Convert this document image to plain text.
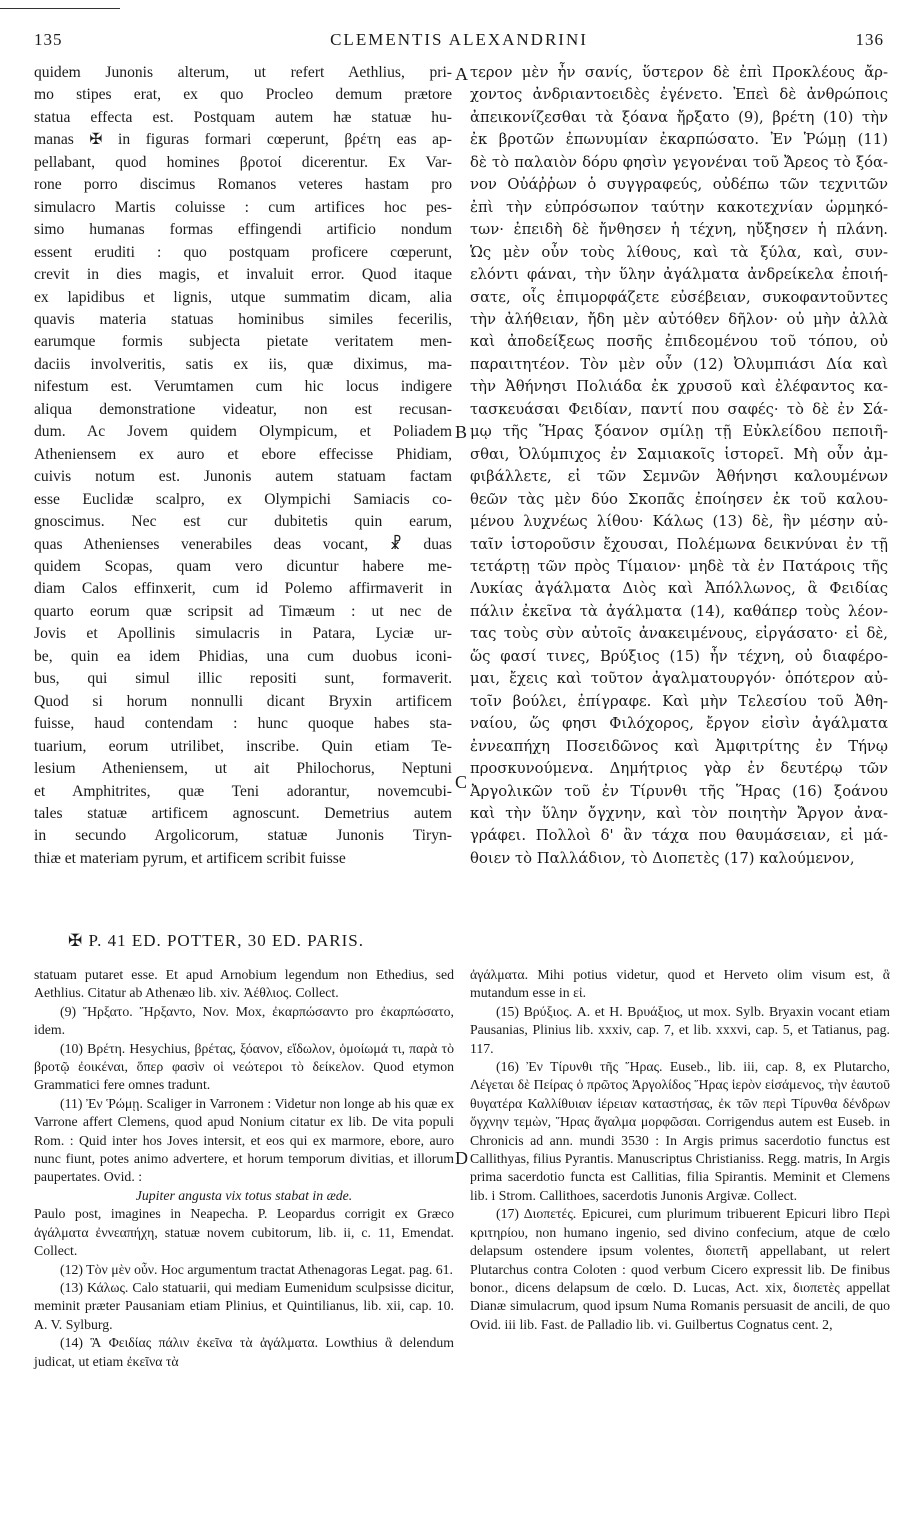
135	CLEMENTIS ALEXANDRINI	136
quidem Junonis alterum, ut refert Aethlius, pri-
mo stipes erat, ex quo Procleo demum prætore
statua effecta est. Postquam autem hæ statuæ hu-
manas ✠ in figuras formari cœperunt, βρέτη eas ap-
pellabant, quod homines βροτοί dicerentur. Ex Var-
rone porro discimus Romanos veteres hastam pro
simulacro Martis coluisse : cum artifices hoc pes-
simo humanas formas effingendi artificio nondum
essent eruditi : quo postquam proficere cœperunt,
crevit in dies magis, et invaluit error. Quod itaque
ex lapidibus et lignis, utque summatim dicam, alia
quavis materia statuas hominibus similes fecerilis,
earumque formis subjecta pietate veritatem men-
daciis involveritis, satis ex iis, quæ diximus, ma-
nifestum est. Verumtamen cum hic locus indigere
aliqua demonstratione videatur, non est recusan-
dum. Ac Jovem quidem Olympicum, et Poliadem
Atheniensem ex auro et ebore effecisse Phidiam,
cuivis notum est. Junonis autem statuam factam
esse Euclidæ scalpro, ex Olympichi Samiacis co-
gnoscimus. Nec est cur dubitetis quin earum,
quas Athenienses venerabiles deas vocant, ☧ duas
quidem Scopas, quam vero dicuntur habere me-
diam Calos effinxerit, cum id Polemo affirmaverit in
quarto eorum quæ scripsit ad Timæum : ut nec de
Jovis et Apollinis simulacris in Patara, Lyciæ ur-
be, quin ea idem Phidias, una cum duobus iconi-
bus, qui simul illic repositi sunt, formaverit.
Quod si horum nonnulli dicant Bryxin artificem
fuisse, haud contendam : hunc quoque habes sta-
tuarium, eorum utrilibet, inscribe. Quin etiam Te-
lesium Atheniensem, ut ait Philochorus, Neptuni
et Amphitrites, quæ Teni adorantur, novemcubi-
tales statuæ artificem agnoscunt. Demetrius autem
in secundo Argolicorum, statuæ Junonis Tiryn-
thiæ et materiam pyrum, et artificem scribit fuisse
τερον μὲν ἦν σανίς, ὕστερον δὲ ἐπὶ Προκλέους ἄρ-
χοντος ἀνδριαντοειδὲς ἐγένετο. Ἐπεὶ δὲ ἀνθρώποις
ἀπεικονίζεσθαι τὰ ξόανα ἤρξατο (9), βρέτη (10) τὴν
ἐκ βροτῶν ἐπωνυμίαν ἐκαρπώσατο. Ἐν Ῥώμῃ (11)
δὲ τὸ παλαιὸν δόρυ φησὶν γεγονέναι τοῦ Ἄρεος τὸ ξόα-
νον Οὐάῤῥων ὁ συγγραφεύς, οὐδέπω τῶν τεχνιτῶν
ἐπὶ τὴν εὐπρόσωπον ταύτην κακοτεχνίαν ὡρμηκό-
των· ἐπειδὴ δὲ ἤνθησεν ἡ τέχνη, ηὔξησεν ἡ πλάνη.
Ὡς μὲν οὖν τοὺς λίθους, καὶ τὰ ξύλα, καὶ, συν-
ελόντι φάναι, τὴν ὕλην ἀγάλματα ἀνδρείκελα ἐποιή-
σατε, οἷς ἐπιμορφάζετε εὐσέβειαν, συκοφαντοῦντες
τὴν ἀλήθειαν, ἤδη μὲν αὐτόθεν δῆλον· οὐ μὴν ἀλλὰ
καὶ ἀποδείξεως ποσῆς ἐπιδεομένου τοῦ τόπου, οὐ
παραιτητέον. Τὸν μὲν οὖν (12) Ὀλυμπιάσι Δία καὶ
τὴν Ἀθήνησι Πολιάδα ἐκ χρυσοῦ καὶ ἐλέφαντος κα-
τασκευάσαι Φειδίαν, παντί που σαφές· τὸ δὲ ἐν Σά-
μῳ τῆς Ἥρας ξόανον σμίλῃ τῇ Εὐκλείδου πεποιῆ-
σθαι, Ὀλύμπιχος ἐν Σαμιακοῖς ἱστορεῖ. Μὴ οὖν ἀμ-
φιβάλλετε, εἰ τῶν Σεμνῶν Ἀθήνησι καλουμένων
θεῶν τὰς μὲν δύο Σκοπᾶς ἐποίησεν ἐκ τοῦ καλου-
μένου λυχνέως λίθου· Κάλως (13) δὲ, ἣν μέσην αὐ-
ταῖν ἱστοροῦσιν ἔχουσαι, Πολέμωνα δεικνύναι ἐν τῇ
τετάρτῃ τῶν πρὸς Τίμαιον· μηδὲ τὰ ἐν Πατάροις τῆς
Λυκίας ἀγάλματα Διὸς καὶ Ἀπόλλωνος, ἃ Φειδίας
πάλιν ἐκεῖνα τὰ ἀγάλματα (14), καθάπερ τοὺς λέον-
τας τοὺς σὺν αὐτοῖς ἀνακειμένους, εἰργάσατο· εἰ δὲ,
ὥς φασί τινες, Βρύξιος (15) ἦν τέχνη, οὐ διαφέρο-
μαι, ἔχεις καὶ τοῦτον ἀγαλματουργόν· ὁπότερον αὐ-
τοῖν βούλει, ἐπίγραφε. Καὶ μὴν Τελεσίου τοῦ Ἀθη-
ναίου, ὥς φησι Φιλόχορος, ἔργον εἰσὶν ἀγάλματα
ἐννεαπήχη Ποσειδῶνος καὶ Ἀμφιτρίτης ἐν Τήνῳ
προσκυνούμενα. Δημήτριος γὰρ ἐν δευτέρῳ τῶν
Ἀργολικῶν τοῦ ἐν Τίρυνθι τῆς Ἥρας (16) ξοάνου
καὶ τὴν ὕλην ὄγχνην, καὶ τὸν ποιητὴν Ἄργον ἀνα-
γράφει. Πολλοὶ δ' ἂν τάχα που θαυμάσειαν, εἰ μά-
θοιεν τὸ Παλλάδιον, τὸ Διοπετὲς (17) καλούμενον,
A
B
C
D
✠ P. 41 ED. POTTER, 30 ED. PARIS.
statuam putaret esse. Et apud Arnobium legendum non Ethedius, sed Aethlius. Citatur ab Athenæo lib. xiv. Ἀέθλιος. Collect.
(9) Ἤρξατο. Ἤρξαντο, Nov. Mox, ἐκαρπώσαντο pro ἐκαρπώσατο, idem.
(10) Βρέτη. Hesychius, βρέτας, ξόανον, εἴδωλον, ὁμοίωμά τι, παρὰ τὸ βροτῷ ἐοικέναι, ὅπερ φασὶν οἱ νεώτεροι τὸ δείκελον. Quod etymon Grammatici fere omnes tradunt.
(11) Ἐν Ῥώμῃ. Scaliger in Varronem : Videtur non longe ab his quæ ex Varrone affert Clemens, quod apud Nonium citatur ex lib. De vita populi Rom. : Quid inter hos Joves intersit, et eos qui ex marmore, ebore, auro nunc fiunt, potes animo advertere, et horum temporum divitias, et illorum paupertates. Ovid. :
Jupiter angusta vix totus stabat in æde.
Paulo post, imagines in Neapecha. P. Leopardus corrigit ex Græco ἀγάλματα ἐννεαπήχη, statuæ novem cubitorum, lib. ii, c. 11, Emendat. Collect.
(12) Τὸν μὲν οὖν. Hoc argumentum tractat Athenagoras Legat. pag. 61.
(13) Κάλως. Calo statuarii, qui mediam Eumenidum sculpsisse dicitur, meminit præter Pausaniam etiam Plinius, et Quintilianus, lib. xii, cap. 10. A. V. Sylburg.
(14) Ἃ Φειδίας πάλιν ἐκεῖνα τὰ ἀγάλματα. Lowthius ἃ delendum judicat, ut etiam ἐκεῖνα τὰ
ἀγάλματα. Mihi potius videtur, quod et Herveto olim visum est, ἃ mutandum esse in εἰ.
(15) Βρύξιος. A. et H. Βρυάξιος, ut mox. Sylb. Bryaxin vocant etiam Pausanias, Plinius lib. xxxiv, cap. 7, et lib. xxxvi, cap. 5, et Tatianus, pag. 117.
(16) Ἐν Τίρυνθι τῆς Ἥρας. Euseb., lib. iii, cap. 8, ex Plutarcho, Λέγεται δὲ Πείρας ὁ πρῶτος Ἀργολίδος Ἥρας ἱερὸν εἱσάμενος, τὴν ἑαυτοῦ θυγατέρα Καλλίθυιαν ἱέρειαν καταστήσας, ἐκ τῶν περὶ Τίρυνθα δένδρων ὄγχνην τεμὼν, Ἥρας ἄγαλμα μορφῶσαι. Corrigendus autem est Euseb. in Chronicis ad ann. mundi 3530 : In Argis primus sacerdotio functus est Callithyas, filius Pyrantis. Manuscriptus Christianiss. Regg. matris, In Argis prima sacerdotio functa est Callitias, filia Spirantis. Meminit et Clemens lib. i Strom. Callithoes, sacerdotis Junonis Argivæ. Collect.
(17) Διοπετές. Epicurei, cum plurimum tribuerent Epicuri libro Περὶ κριτηρίου, non humano ingenio, sed divino confecium, atque de cœlo delapsum ostendere ipsum volentes, διοπετῆ appellabant, ut relert Plutarchus contra Coloten : quod verbum Cicero expressit lib. De finibus bonor., dicens delapsum de cœlo. D. Lucas, Act. xix, διοπετὲς appellat Dianæ simulacrum, quod ipsum Numa Romanis persuasit de ancili, de quo Ovid. iii lib. Fast. de Palladio lib. vi. Guilbertus Cognatus cent. 2,
